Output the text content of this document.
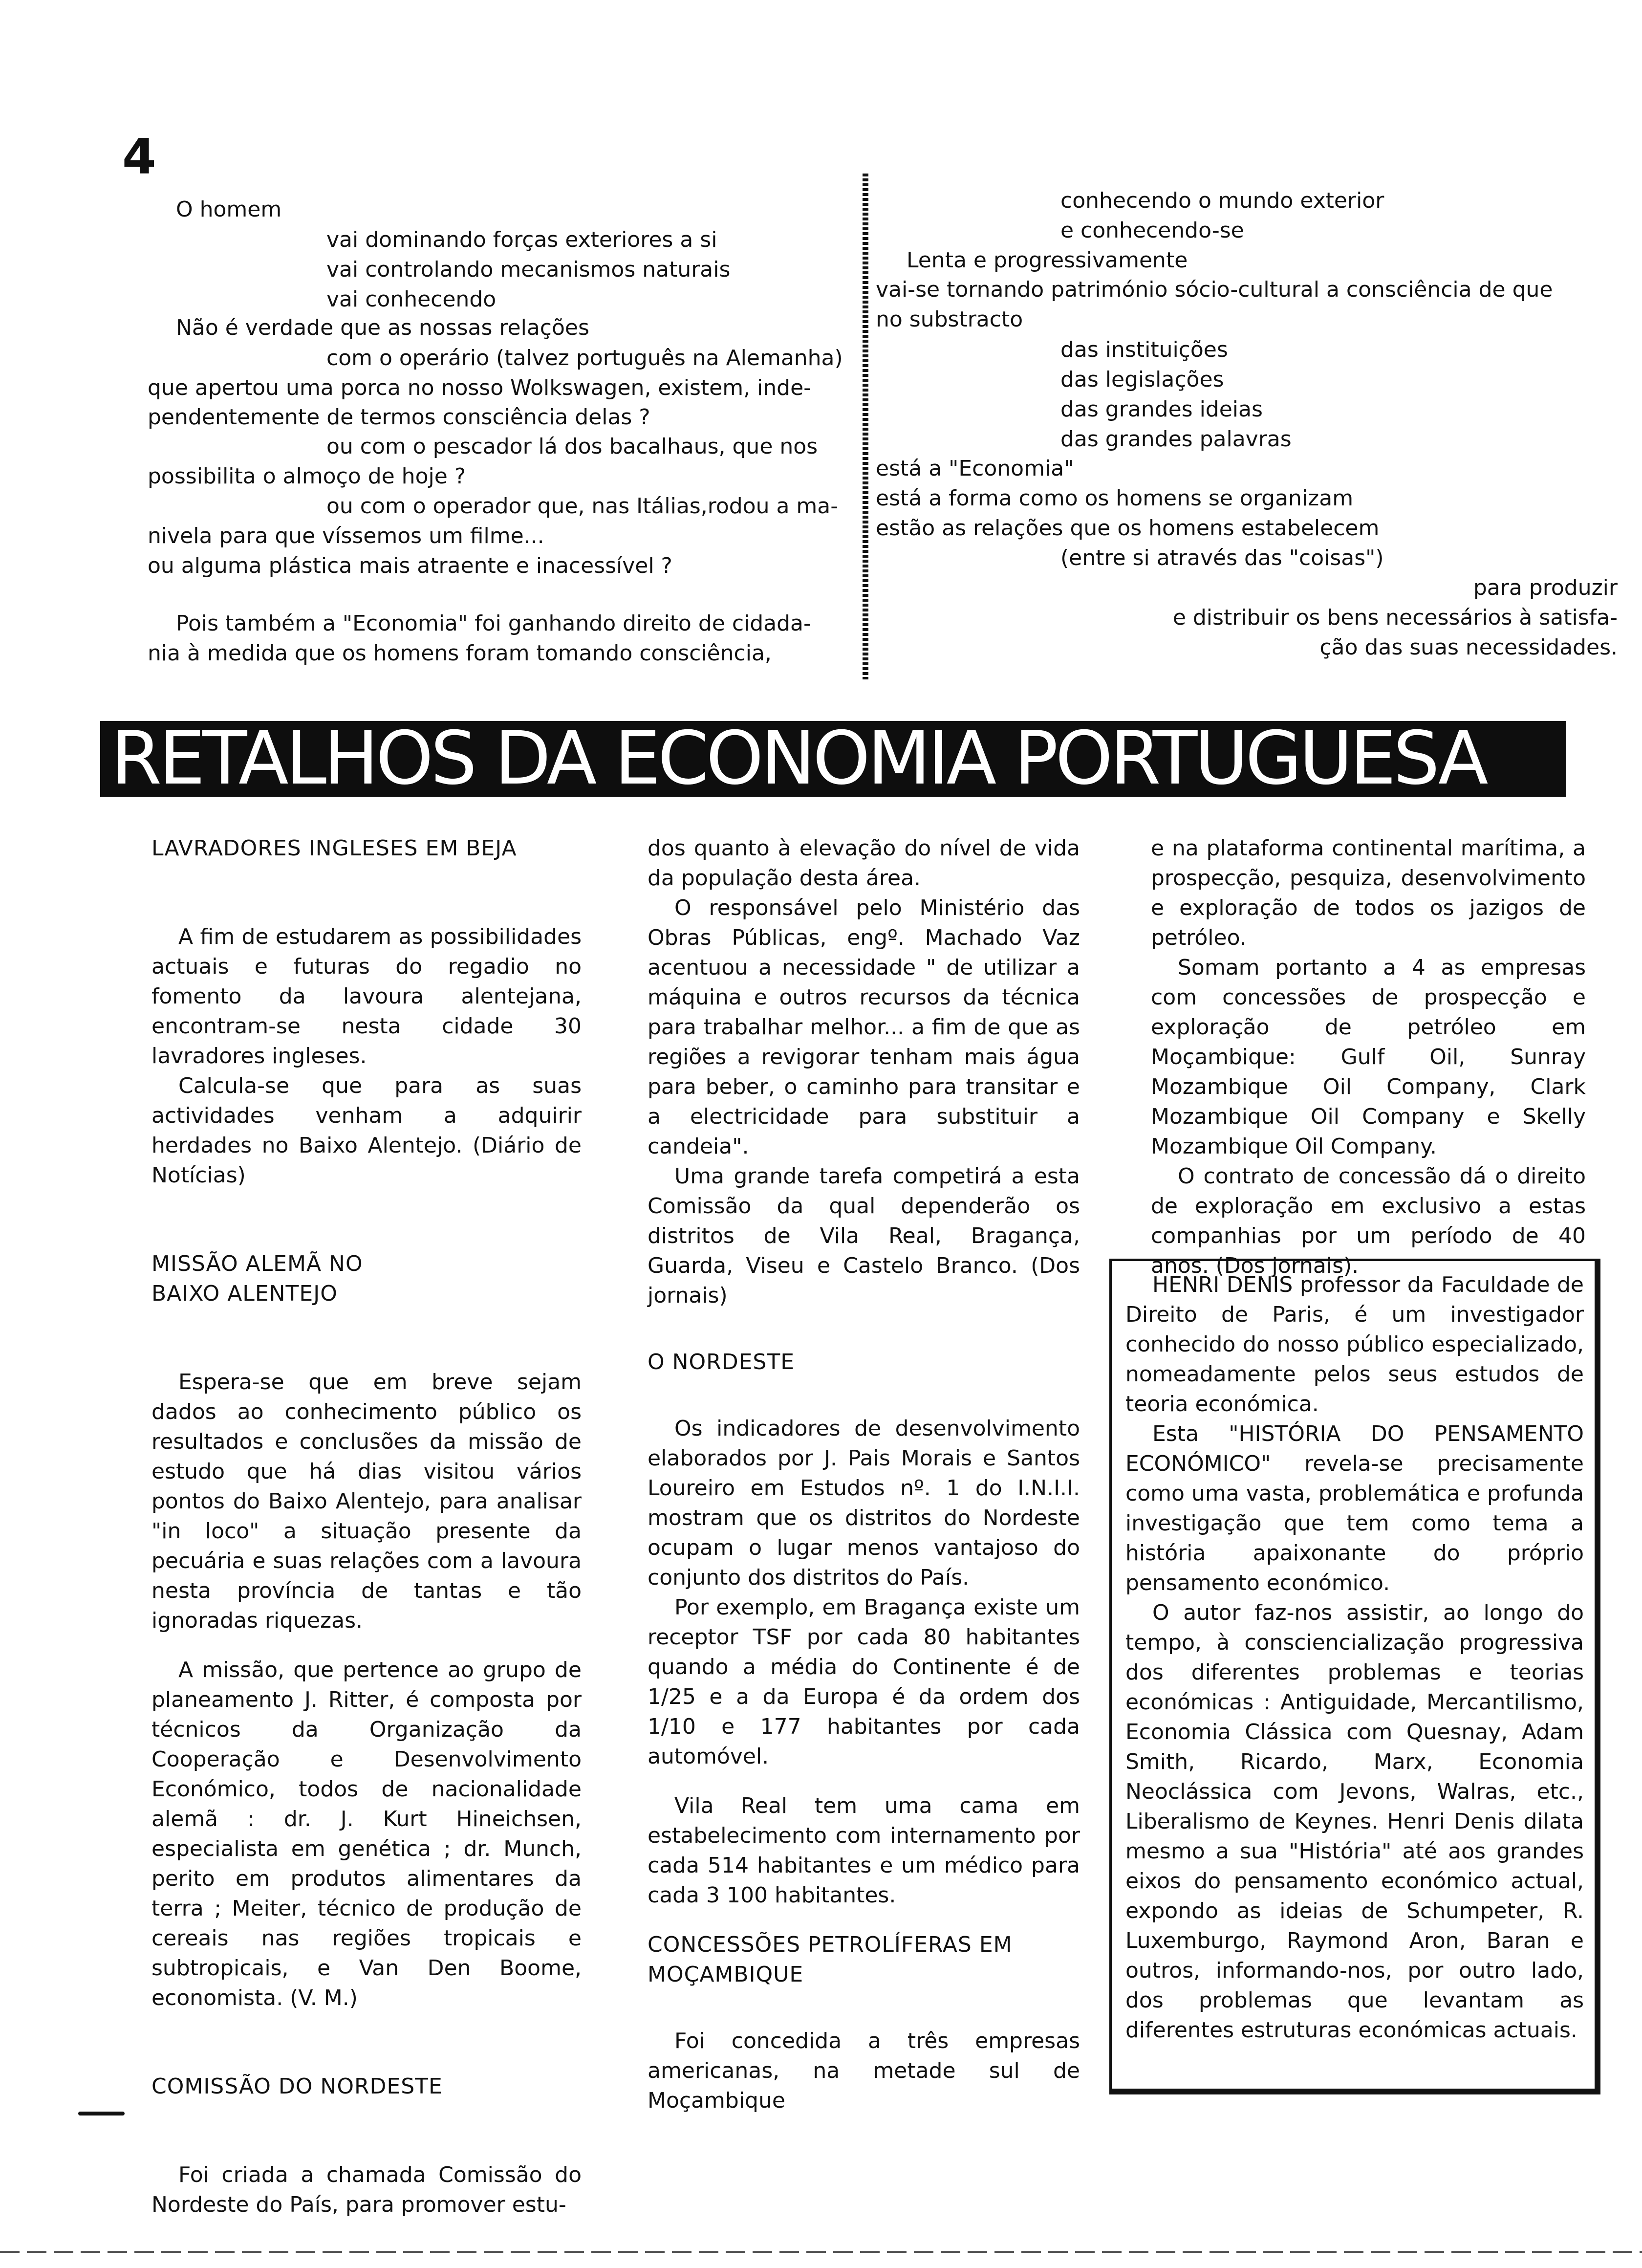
4
O homem
vai dominando forças exteriores a si
vai controlando mecanismos naturais
vai conhecendo
Não é verdade que as nossas relações
com o operário (talvez português na Alemanha)
que apertou uma porca no nosso Wolkswagen, existem, inde-
pendentemente de termos consciência delas ?
ou com o pescador lá dos bacalhaus, que nos
possibilita o almoço de hoje ?
ou com o operador que, nas Itálias,rodou a ma-
nivela para que víssemos um filme...
ou alguma plástica mais atraente e inacessível ?
Pois também a "Economia" foi ganhando direito de cidada-
nia à medida que os homens foram tomando consciência,
conhecendo o mundo exterior
e conhecendo-se
Lenta e progressivamente
vai-se tornando património sócio-cultural a consciência de que
no substracto
das instituições
das legislações
das grandes ideias
das grandes palavras
está a "Economia"
está a forma como os homens se organizam
estão as relações que os homens estabelecem
(entre si através das "coisas")
para produzir
e distribuir os bens necessários à satisfa-
ção das suas necessidades.
RETALHOS DA ECONOMIA PORTUGUESA

LAVRADORES INGLESES EM BEJA

A fim de estudarem as possibilidades actuais e futuras do regadio no fomento da lavoura alentejana, encontram-se nesta cidade 30 lavradores ingleses.

Calcula-se que para as suas actividades venham a adquirir herdades no Baixo Alentejo. (Diário de Notícias)

MISSÃO ALEMÃ NO

BAIXO ALENTEJO

Espera-se que em breve sejam dados ao conhecimento público os resultados e conclusões da missão de estudo que há dias visitou vários pontos do Baixo Alentejo, para analisar "in loco" a situação presente da pecuária e suas relações com a lavoura nesta província de tantas e tão ignoradas riquezas.

A missão, que pertence ao grupo de planeamento J. Ritter, é composta por técnicos da Organização da Cooperação e Desenvolvimento Económico, todos de nacionalidade alemã : dr. J. Kurt Hineichsen, especialista em genética ; dr. Munch, perito em produtos alimentares da terra ; Meiter, técnico de produção de cereais nas regiões tropicais e subtropicais, e Van Den Boome, economista. (V. M.)

COMISSÃO DO NORDESTE

Foi criada a chamada Comissão do Nordeste do País, para promover estu-

dos quanto à elevação do nível de vida da população desta área.

O responsável pelo Ministério das Obras Públicas, engº. Machado Vaz acentuou a necessidade " de utilizar a máquina e outros recursos da técnica para trabalhar melhor... a fim de que as regiões a revigorar tenham mais água para beber, o caminho para transitar e a electricidade para substituir a candeia".

Uma grande tarefa competirá a esta Comissão da qual dependerão os distritos de Vila Real, Bragança, Guarda, Viseu e Castelo Branco. (Dos jornais)

O NORDESTE

Os indicadores de desenvolvimento elaborados por J. Pais Morais e Santos Loureiro em Estudos nº. 1 do I.N.I.I. mostram que os distritos do Nordeste ocupam o lugar menos vantajoso do conjunto dos distritos do País.

Por exemplo, em Bragança existe um receptor TSF por cada 80 habitantes quando a média do Continente é de 1/25 e a da Europa é da ordem dos 1/10 e 177 habitantes por cada automóvel.

Vila Real tem uma cama em estabelecimento com internamento por cada 514 habitantes e um médico para cada 3 100 habitantes.

CONCESSÕES PETROLÍFERAS EM

MOÇAMBIQUE

Foi concedida a três empresas americanas, na metade sul de Moçambique

e na plataforma continental marítima, a prospecção, pesquiza, desenvolvimento e exploração de todos os jazigos de petróleo.

Somam portanto a 4 as empresas com concessões de prospecção e exploração de petróleo em Moçambique: Gulf Oil, Sunray Mozambique Oil Company, Clark Mozambique Oil Company e Skelly Mozambique Oil Company.

O contrato de concessão dá o direito de exploração em exclusivo a estas companhias por um período de 40 anos. (Dos jornais).

HENRI DENIS professor da Faculdade de Direito de Paris, é um investigador conhecido do nosso público especializado, nomeadamente pelos seus estudos de teoria económica.

Esta "HISTÓRIA DO PENSAMENTO ECONÓMICO" revela-se precisamente como uma vasta, problemática e profunda investigação que tem como tema a história apaixonante do próprio pensamento económico.

O autor faz-nos assistir, ao longo do tempo, à consciencialização progressiva dos diferentes problemas e teorias económicas : Antiguidade, Mercantilismo, Economia Clássica com Quesnay, Adam Smith, Ricardo, Marx, Economia Neoclássica com Jevons, Walras, etc., Liberalismo de Keynes. Henri Denis dilata mesmo a sua "História" até aos grandes eixos do pensamento económico actual, expondo as ideias de Schumpeter, R. Luxemburgo, Raymond Aron, Baran e outros, informando-nos, por outro lado, dos problemas que levantam as diferentes estruturas económicas actuais.
